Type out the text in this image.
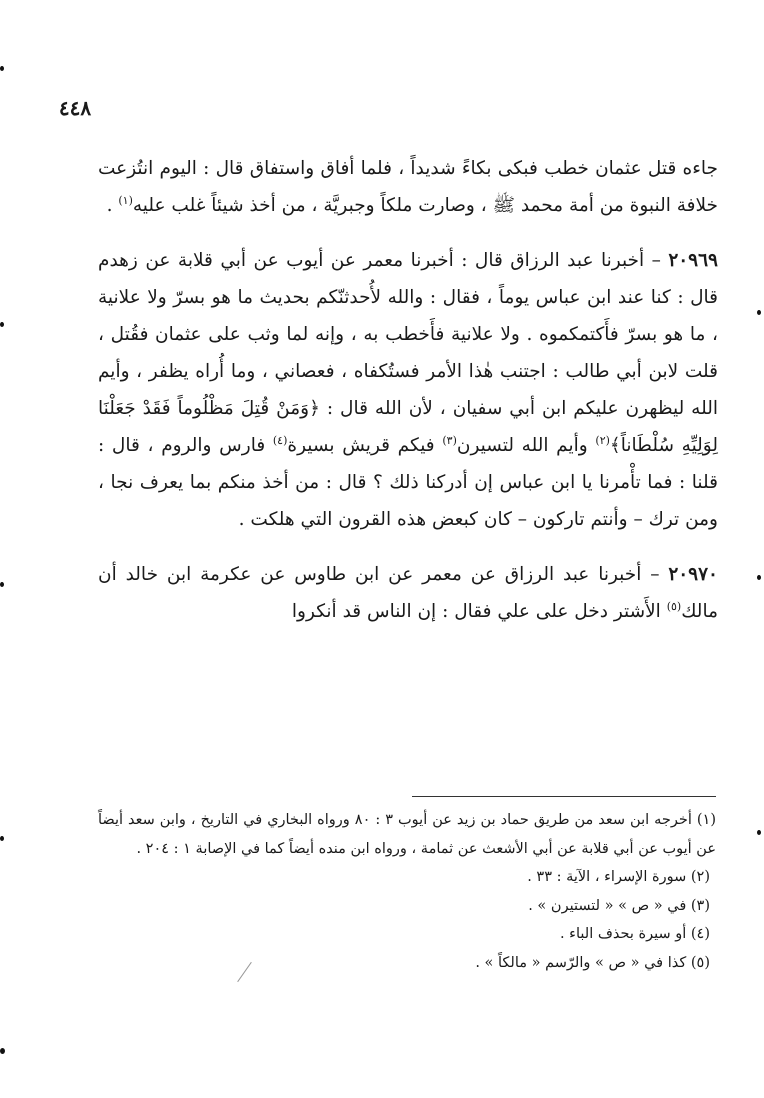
٤٤٨

جاءه قتل عثمان خطب فبكى بكاءً شديداً ، فلما أفاق واستفاق قال : اليوم انتُزعت خلافة النبوة من أمة محمد ﷺ ، وصارت ملكاً وجبريَّة ، من أخذ شيئاً غلب عليه$^{(١)}$ .

٢٠٩٦٩ – أخبرنا عبد الرزاق قال : أخبرنا معمر عن أيوب عن أبي قلابة عن زهدم قال : كنا عند ابن عباس يوماً ، فقال : والله لأُحدثنّكم بحديث ما هو بسرّ ولا علانية ، ما هو بسرّ فأَكتمكموه . ولا علانية فأَخطب به ، وإنه لما وثب على عثمان فقُتل ، قلت لابن أبي طالب : اجتنب هٰذا الأمر فستُكفاه ، فعصاني ، وما أُراه يظفر ، وأيم الله ليظهرن عليكم ابن أبي سفيان ، لأن الله قال : ﴿وَمَنْ قُتِلَ مَظْلُوماً فَقَدْ جَعَلْنَا لِوَلِيِّهِ سُلْطَاناً﴾$^{(٢)}$ وأيم الله لتسيرن$^{(٣)}$ فيكم قريش بسيرة$^{(٤)}$ فارس والروم ، قال : قلنا : فما تأْمرنا يا ابن عباس إن أدركنا ذلك ؟ قال : من أخذ منكم بما يعرف نجا ، ومن ترك – وأنتم تاركون – كان كبعض هذه القرون التي هلكت .

٢٠٩٧٠ – أخبرنا عبد الرزاق عن معمر عن ابن طاوس عن عكرمة ابن خالد أن مالك$^{(٥)}$ الأَشتر دخل على علي فقال : إن الناس قد أنكروا

(١) أخرجه ابن سعد من طريق حماد بن زيد عن أيوب ٣ : ٨٠ ورواه البخاري في التاريخ ، وابن سعد أيضاً عن أيوب عن أبي قلابة عن أبي الأشعث عن ثمامة ، ورواه ابن منده أيضاً كما في الإصابة ١ : ٢٠٤ .

(٢) سورة الإسراء ، الآية : ٣٣ .

(٣) في « ص » « لتستيرن » .

(٤) أو سيرة بحذف الباء .

(٥) كذا في « ص » والرّسم « مالكاً » .
